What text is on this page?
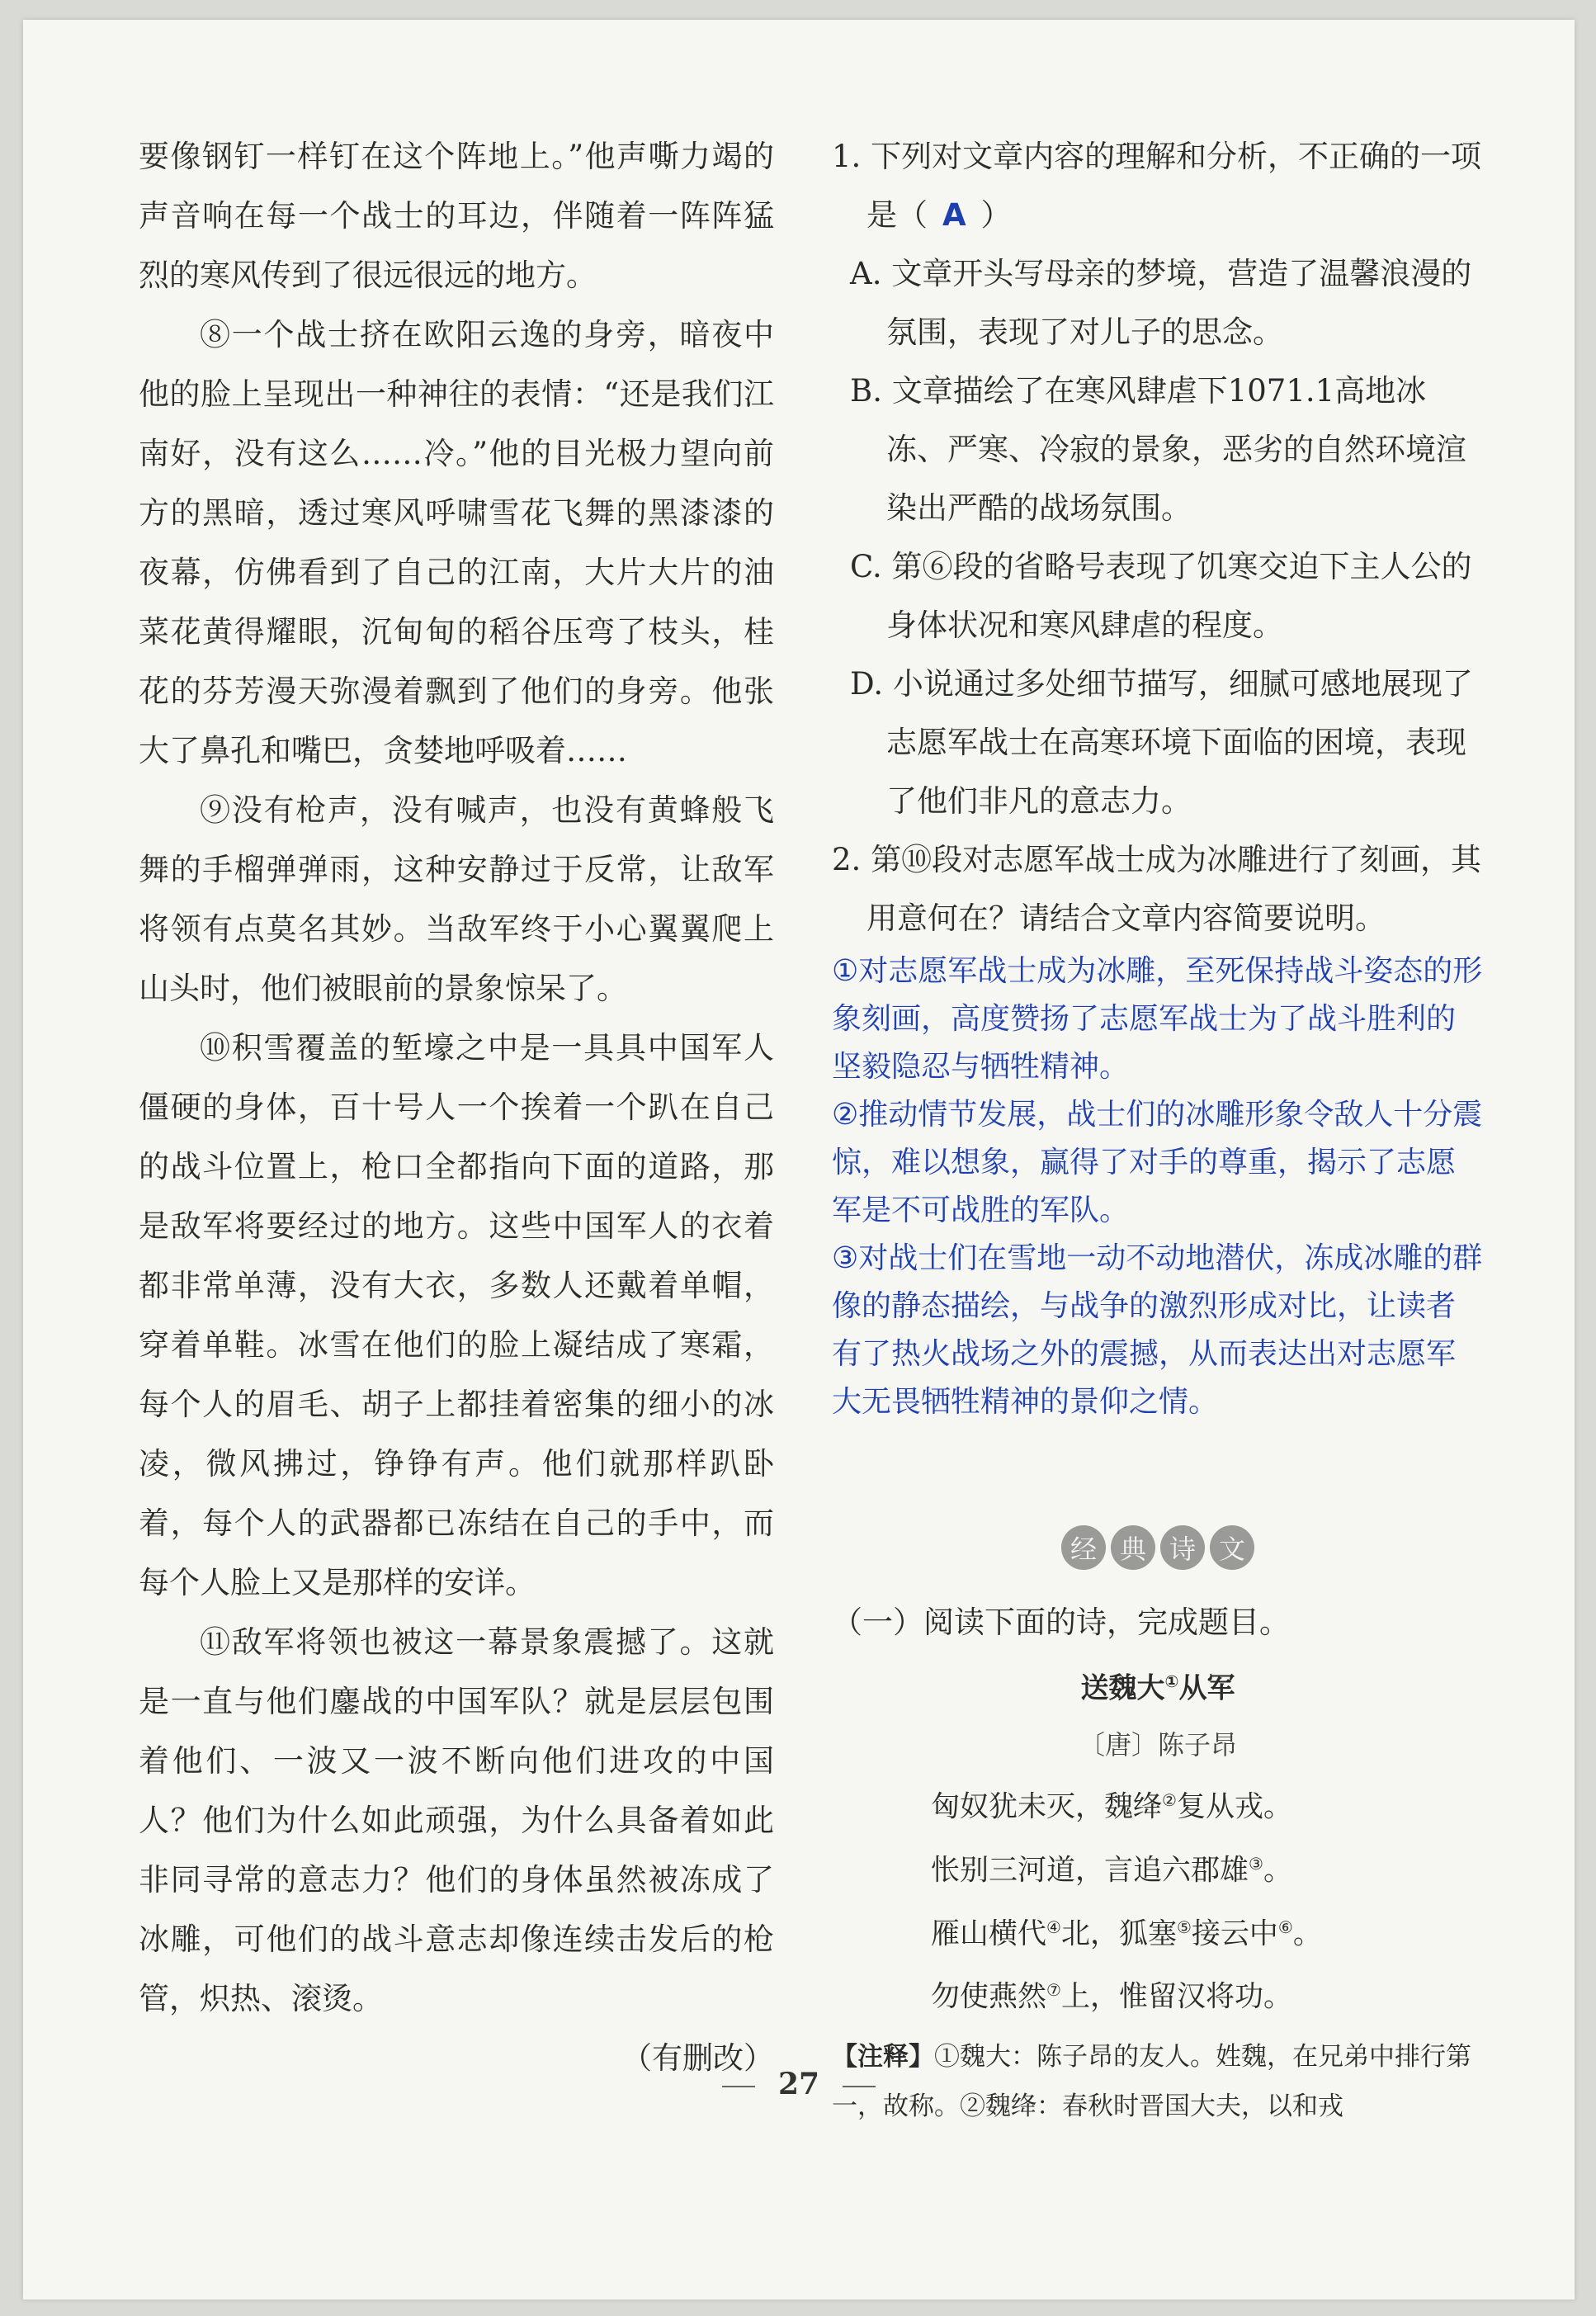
要像钢钉一样钉在这个阵地上。”他声嘶力竭的声音响在每一个战士的耳边，伴随着一阵阵猛烈的寒风传到了很远很远的地方。

⑧一个战士挤在欧阳云逸的身旁，暗夜中他的脸上呈现出一种神往的表情：“还是我们江南好，没有这么……冷。”他的目光极力望向前方的黑暗，透过寒风呼啸雪花飞舞的黑漆漆的夜幕，仿佛看到了自己的江南，大片大片的油菜花黄得耀眼，沉甸甸的稻谷压弯了枝头，桂花的芬芳漫天弥漫着飘到了他们的身旁。他张大了鼻孔和嘴巴，贪婪地呼吸着……

⑨没有枪声，没有喊声，也没有黄蜂般飞舞的手榴弹弹雨，这种安静过于反常，让敌军将领有点莫名其妙。当敌军终于小心翼翼爬上山头时，他们被眼前的景象惊呆了。

⑩积雪覆盖的堑壕之中是一具具中国军人僵硬的身体，百十号人一个挨着一个趴在自己的战斗位置上，枪口全都指向下面的道路，那是敌军将要经过的地方。这些中国军人的衣着都非常单薄，没有大衣，多数人还戴着单帽，穿着单鞋。冰雪在他们的脸上凝结成了寒霜，每个人的眉毛、胡子上都挂着密集的细小的冰凌，微风拂过，铮铮有声。他们就那样趴卧着，每个人的武器都已冻结在自己的手中，而每个人脸上又是那样的安详。

⑪敌军将领也被这一幕景象震撼了。这就是一直与他们鏖战的中国军队？就是层层包围着他们、一波又一波不断向他们进攻的中国人？他们为什么如此顽强，为什么具备着如此非同寻常的意志力？他们的身体虽然被冻成了冰雕，可他们的战斗意志却像连续击发后的枪管，炽热、滚烫。

（有删改）

1. 下列对文章内容的理解和分析，不正确的一项是（ A ）

A. 文章开头写母亲的梦境，营造了温馨浪漫的氛围，表现了对儿子的思念。

B. 文章描绘了在寒风肆虐下1071.1高地冰冻、严寒、冷寂的景象，恶劣的自然环境渲染出严酷的战场氛围。

C. 第⑥段的省略号表现了饥寒交迫下主人公的身体状况和寒风肆虐的程度。

D. 小说通过多处细节描写，细腻可感地展现了志愿军战士在高寒环境下面临的困境，表现了他们非凡的意志力。

2. 第⑩段对志愿军战士成为冰雕进行了刻画，其用意何在？请结合文章内容简要说明。

①对志愿军战士成为冰雕，至死保持战斗姿态的形象刻画，高度赞扬了志愿军战士为了战斗胜利的坚毅隐忍与牺牲精神。

②推动情节发展，战士们的冰雕形象令敌人十分震惊，难以想象，赢得了对手的尊重，揭示了志愿军是不可战胜的军队。

③对战士们在雪地一动不动地潜伏，冻成冰雕的群像的静态描绘，与战争的激烈形成对比，让读者有了热火战场之外的震撼，从而表达出对志愿军大无畏牺牲精神的景仰之情。

经 典 诗 文

（一）阅读下面的诗，完成题目。

送魏大①从军

〔唐〕陈子昂

匈奴犹未灭，魏绛②复从戎。

怅别三河道，言追六郡雄③。

雁山横代④北，狐塞⑤接云中⑥。

勿使燕然⑦上，惟留汉将功。

【注释】①魏大：陈子昂的友人。姓魏，在兄弟中排行第一，故称。②魏绛：春秋时晋国大夫，以和戎

27
